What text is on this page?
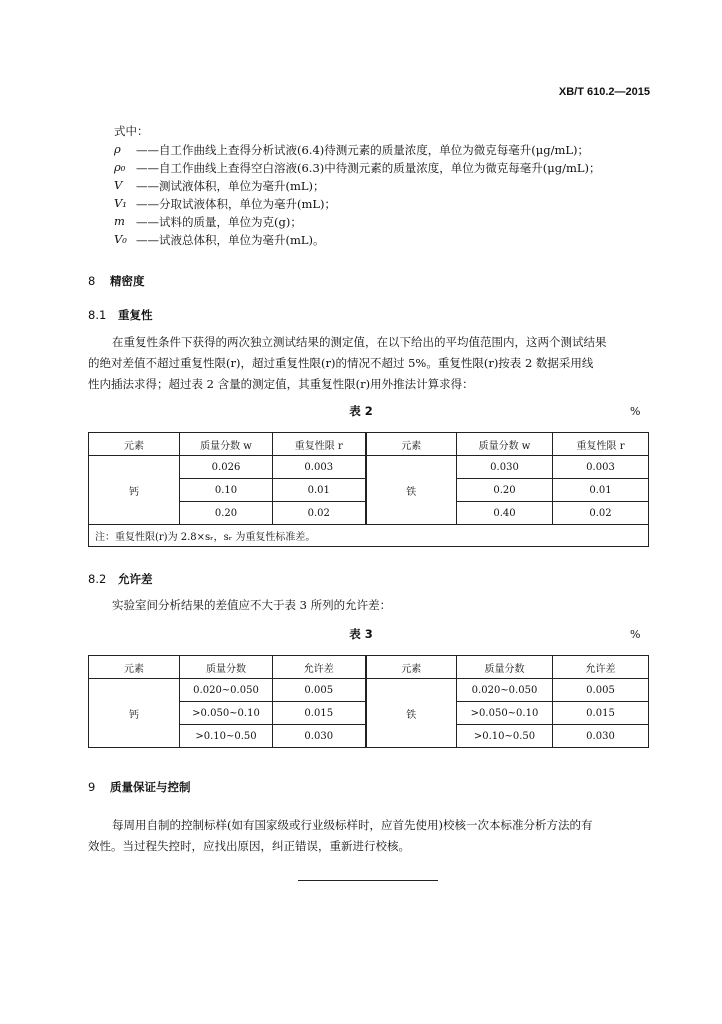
XB/T 610.2—2015
式中：
ρ	——自工作曲线上查得分析试液(6.4)待测元素的质量浓度，单位为微克每毫升(μg/mL)；
ρ₀ ——自工作曲线上查得空白溶液(6.3)中待测元素的质量浓度，单位为微克每毫升(μg/mL)；
V	——测试液体积，单位为毫升(mL)；
V₁ ——分取试液体积，单位为毫升(mL)；
m ——试料的质量，单位为克(g)；
V₀ ——试液总体积，单位为毫升(mL)。
8 精密度
8.1 重复性

在重复性条件下获得的两次独立测试结果的测定值，在以下给出的平均值范围内，这两个测试结果

的绝对差值不超过重复性限(r)，超过重复性限(r)的情况不超过 5%。重复性限(r)按表 2 数据采用线

性内插法求得；超过表 2 含量的测定值，其重复性限(r)用外推法计算求得：

表 2	%
元素	质量分数 w	重复性限 r	元素	质量分数 w	重复性限 r
钙	0.026	0.003	铁	0.030	0.003
	0.10	0.01		0.20	0.01
	0.20	0.02		0.40	0.02
注：重复性限(r)为 2.8×sᵣ，sᵣ 为重复性标准差。					
8.2 允许差
实验室间分析结果的差值应不大于表 3 所列的允许差：
表 3	%
元素	质量分数	允许差	元素	质量分数	允许差
钙	0.020~0.050	0.005	铁	0.020~0.050	0.005
	>0.050~0.10	0.015		>0.050~0.10	0.015
	>0.10~0.50	0.030		>0.10~0.50	0.030
9 质量保证与控制

每周用自制的控制标样(如有国家级或行业级标样时，应首先使用)校核一次本标准分析方法的有

效性。当过程失控时，应找出原因，纠正错误，重新进行校核。
